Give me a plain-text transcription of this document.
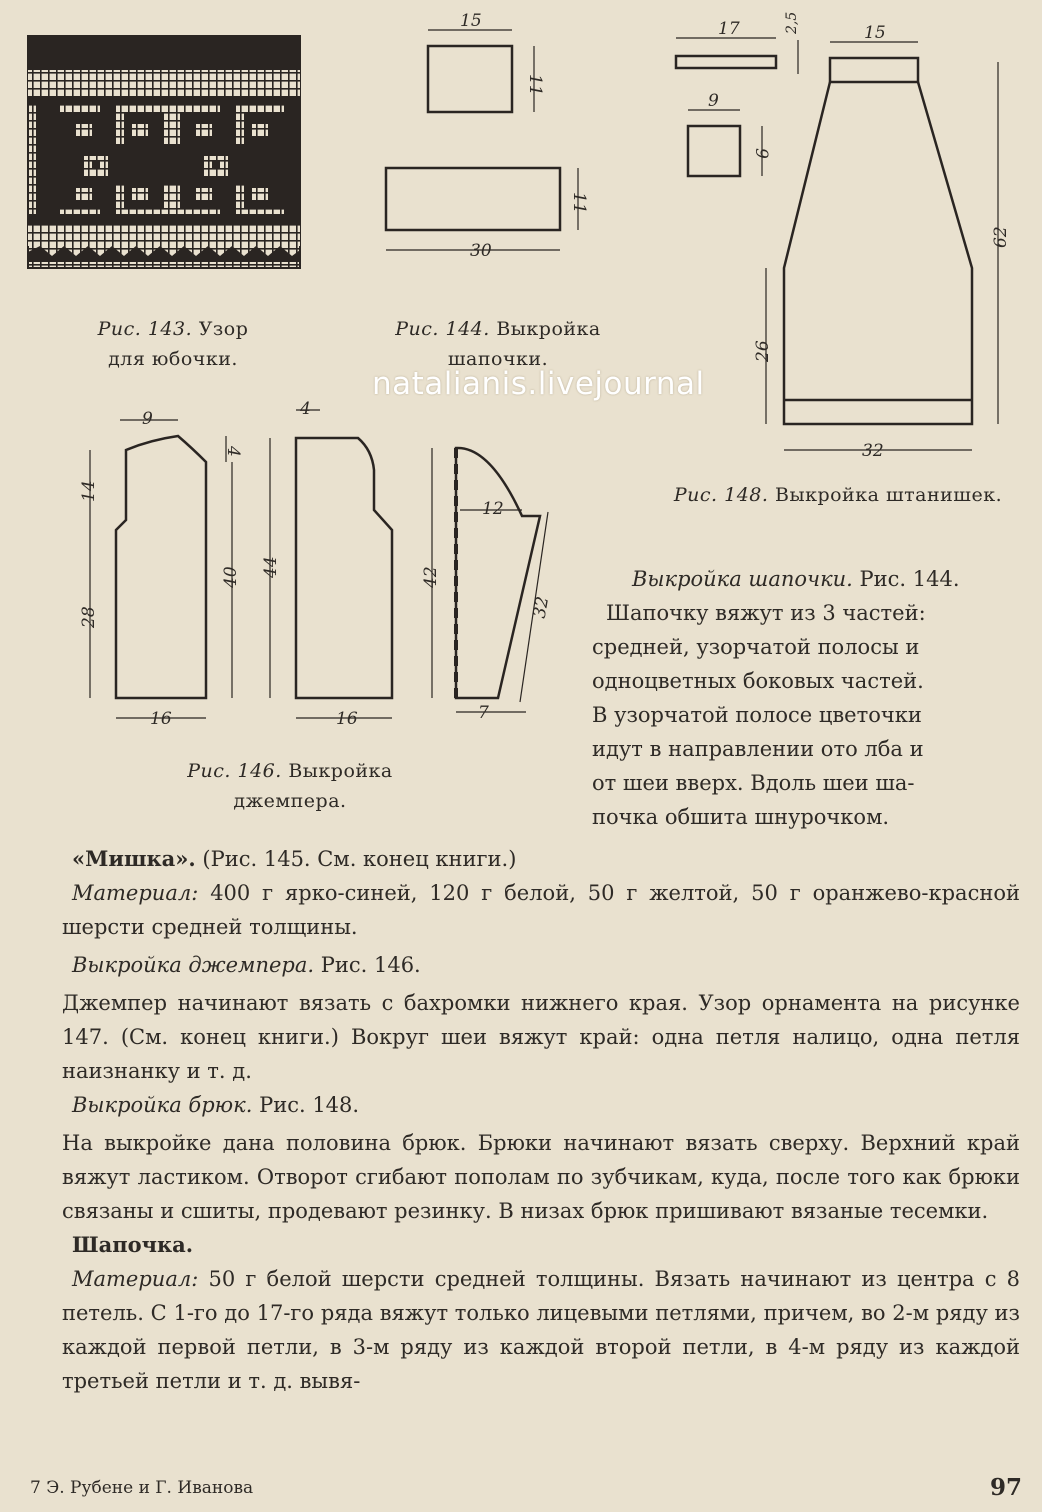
15
11
11
30
17	2,5	15
9
9
62
26
32
9
4
14
28
40
16
4
44
16
12
42
32
7
Рис. 143. Узор
для юбочки.
Рис. 144. Выкройка
шапочки.
Рис. 146. Выкройка джемпера.
Рис. 148. Выкройка штанишек.
natalianis.livejournal

Выкройка шапочки. Рис. 144.

Шапочку вяжут из 3 частей:

средней, узорчатой полосы и

одноцветных боковых частей.

В узорчатой полосе цветочки

идут в направлении ото лба и

от шеи вверх. Вдоль шеи ша-

почка обшита шнурочком.

«Мишка». (Рис. 145. См. конец книги.)

Материал: 400 г ярко-синей, 120 г белой, 50 г желтой, 50 г оранжево-красной шерсти средней толщины.

Выкройка джемпера. Рис. 146.

Джемпер начинают вязать с бахромки нижнего края. Узор орнамента на рисунке 147. (См. конец книги.) Вокруг шеи вяжут край: одна петля налицо, одна петля наизнанку и т. д.

Выкройка брюк. Рис. 148.

На выкройке дана половина брюк. Брюки начинают вязать сверху. Верхний край вяжут ластиком. Отворот сгибают пополам по зубчикам, куда, после того как брюки связаны и сшиты, продевают резинку. В низах брюк пришивают вязаные тесемки.

Шапочка.

Материал: 50 г белой шерсти средней толщины. Вязать начинают из центра с 8 петель. С 1-го до 17-го ряда вяжут только лицевыми петлями, причем, во 2-м ряду из каждой первой петли, в 3-м ряду из каждой второй петли, в 4-м ряду из каждой третьей петли и т. д. вывя-

7 Э. Рубене и Г. Иванова	97
